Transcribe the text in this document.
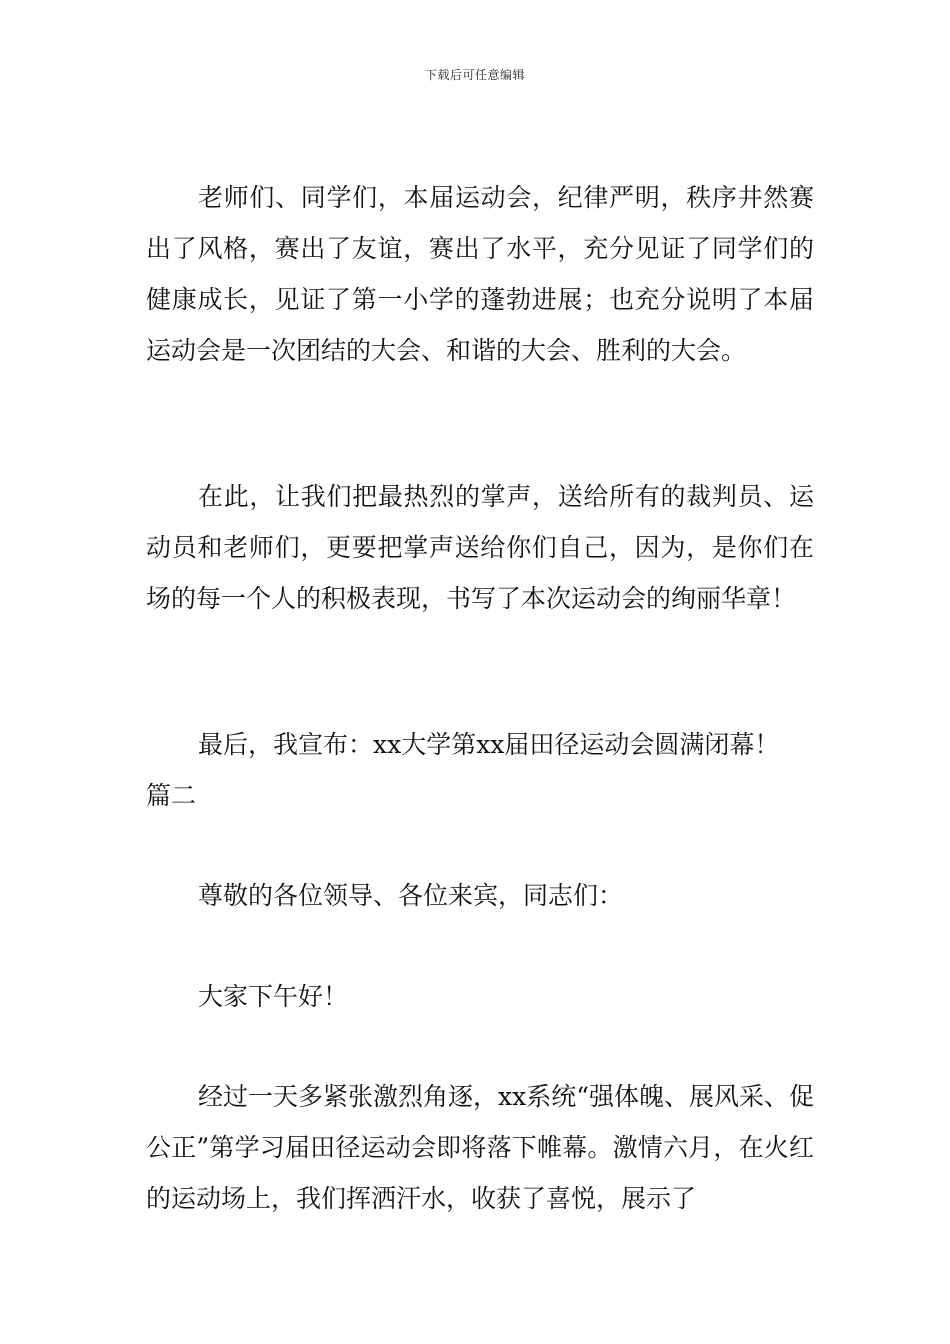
下载后可任意编辑
老师们、同学们，本届运动会，纪律严明，秩序井然赛出了风格，赛出了友谊，赛出了水平，充分见证了同学们的健康成长，见证了第一小学的蓬勃进展；也充分说明了本届运动会是一次团结的大会、和谐的大会、胜利的大会。
在此，让我们把最热烈的掌声，送给所有的裁判员、运动员和老师们，更要把掌声送给你们自己，因为，是你们在场的每一个人的积极表现，书写了本次运动会的绚丽华章！
最后，我宣布：xx大学第xx届田径运动会圆满闭幕！
篇二
尊敬的各位领导、各位来宾，同志们：
大家下午好！
经过一天多紧张激烈角逐，xx系统“强体魄、展风采、促公正”第学习届田径运动会即将落下帷幕。激情六月，在火红的运动场上，我们挥洒汗水，收获了喜悦，展示了
